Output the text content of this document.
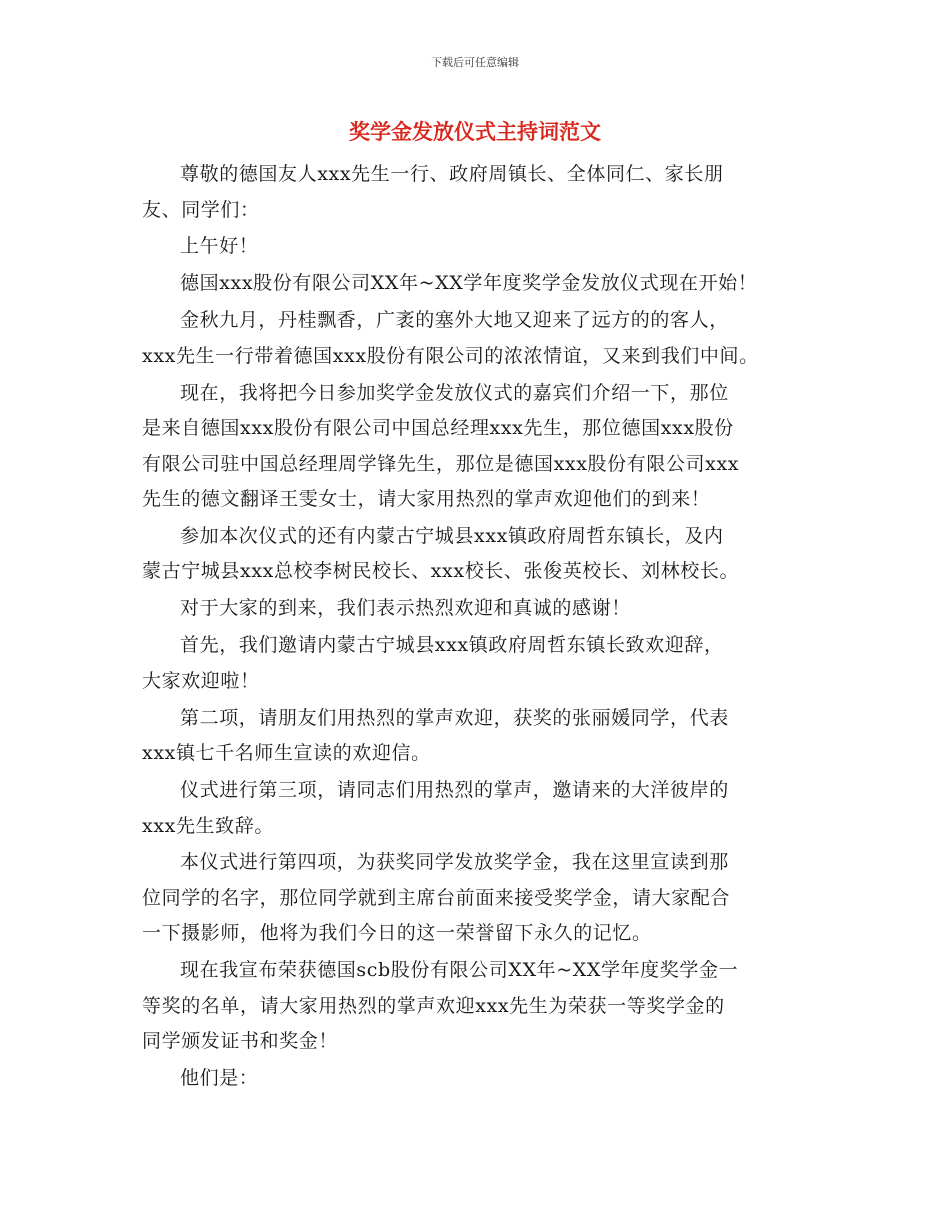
下载后可任意编辑
奖学金发放仪式主持词范文

尊敬的德国友人xxx先生一行、政府周镇长、全体同仁、家长朋
友、同学们：

上午好！

德国xxx股份有限公司XX年~XX学年度奖学金发放仪式现在开始！

金秋九月，丹桂飘香，广袤的塞外大地又迎来了远方的的客人，
xxx先生一行带着德国xxx股份有限公司的浓浓情谊，又来到我们中间。

现在，我将把今日参加奖学金发放仪式的嘉宾们介绍一下，那位
是来自德国xxx股份有限公司中国总经理xxx先生，那位德国xxx股份
有限公司驻中国总经理周学锋先生，那位是德国xxx股份有限公司xxx
先生的德文翻译王雯女士，请大家用热烈的掌声欢迎他们的到来！

参加本次仪式的还有内蒙古宁城县xxx镇政府周哲东镇长，及内
蒙古宁城县xxx总校李树民校长、xxx校长、张俊英校长、刘林校长。

对于大家的到来，我们表示热烈欢迎和真诚的感谢！

首先，我们邀请内蒙古宁城县xxx镇政府周哲东镇长致欢迎辞，
大家欢迎啦！

第二项，请朋友们用热烈的掌声欢迎，获奖的张丽媛同学，代表
xxx镇七千名师生宣读的欢迎信。

仪式进行第三项，请同志们用热烈的掌声，邀请来的大洋彼岸的
xxx先生致辞。

本仪式进行第四项，为获奖同学发放奖学金，我在这里宣读到那
位同学的名字，那位同学就到主席台前面来接受奖学金，请大家配合
一下摄影师，他将为我们今日的这一荣誉留下永久的记忆。

现在我宣布荣获德国scb股份有限公司XX年~XX学年度奖学金一
等奖的名单，请大家用热烈的掌声欢迎xxx先生为荣获一等奖学金的
同学颁发证书和奖金！

他们是：
